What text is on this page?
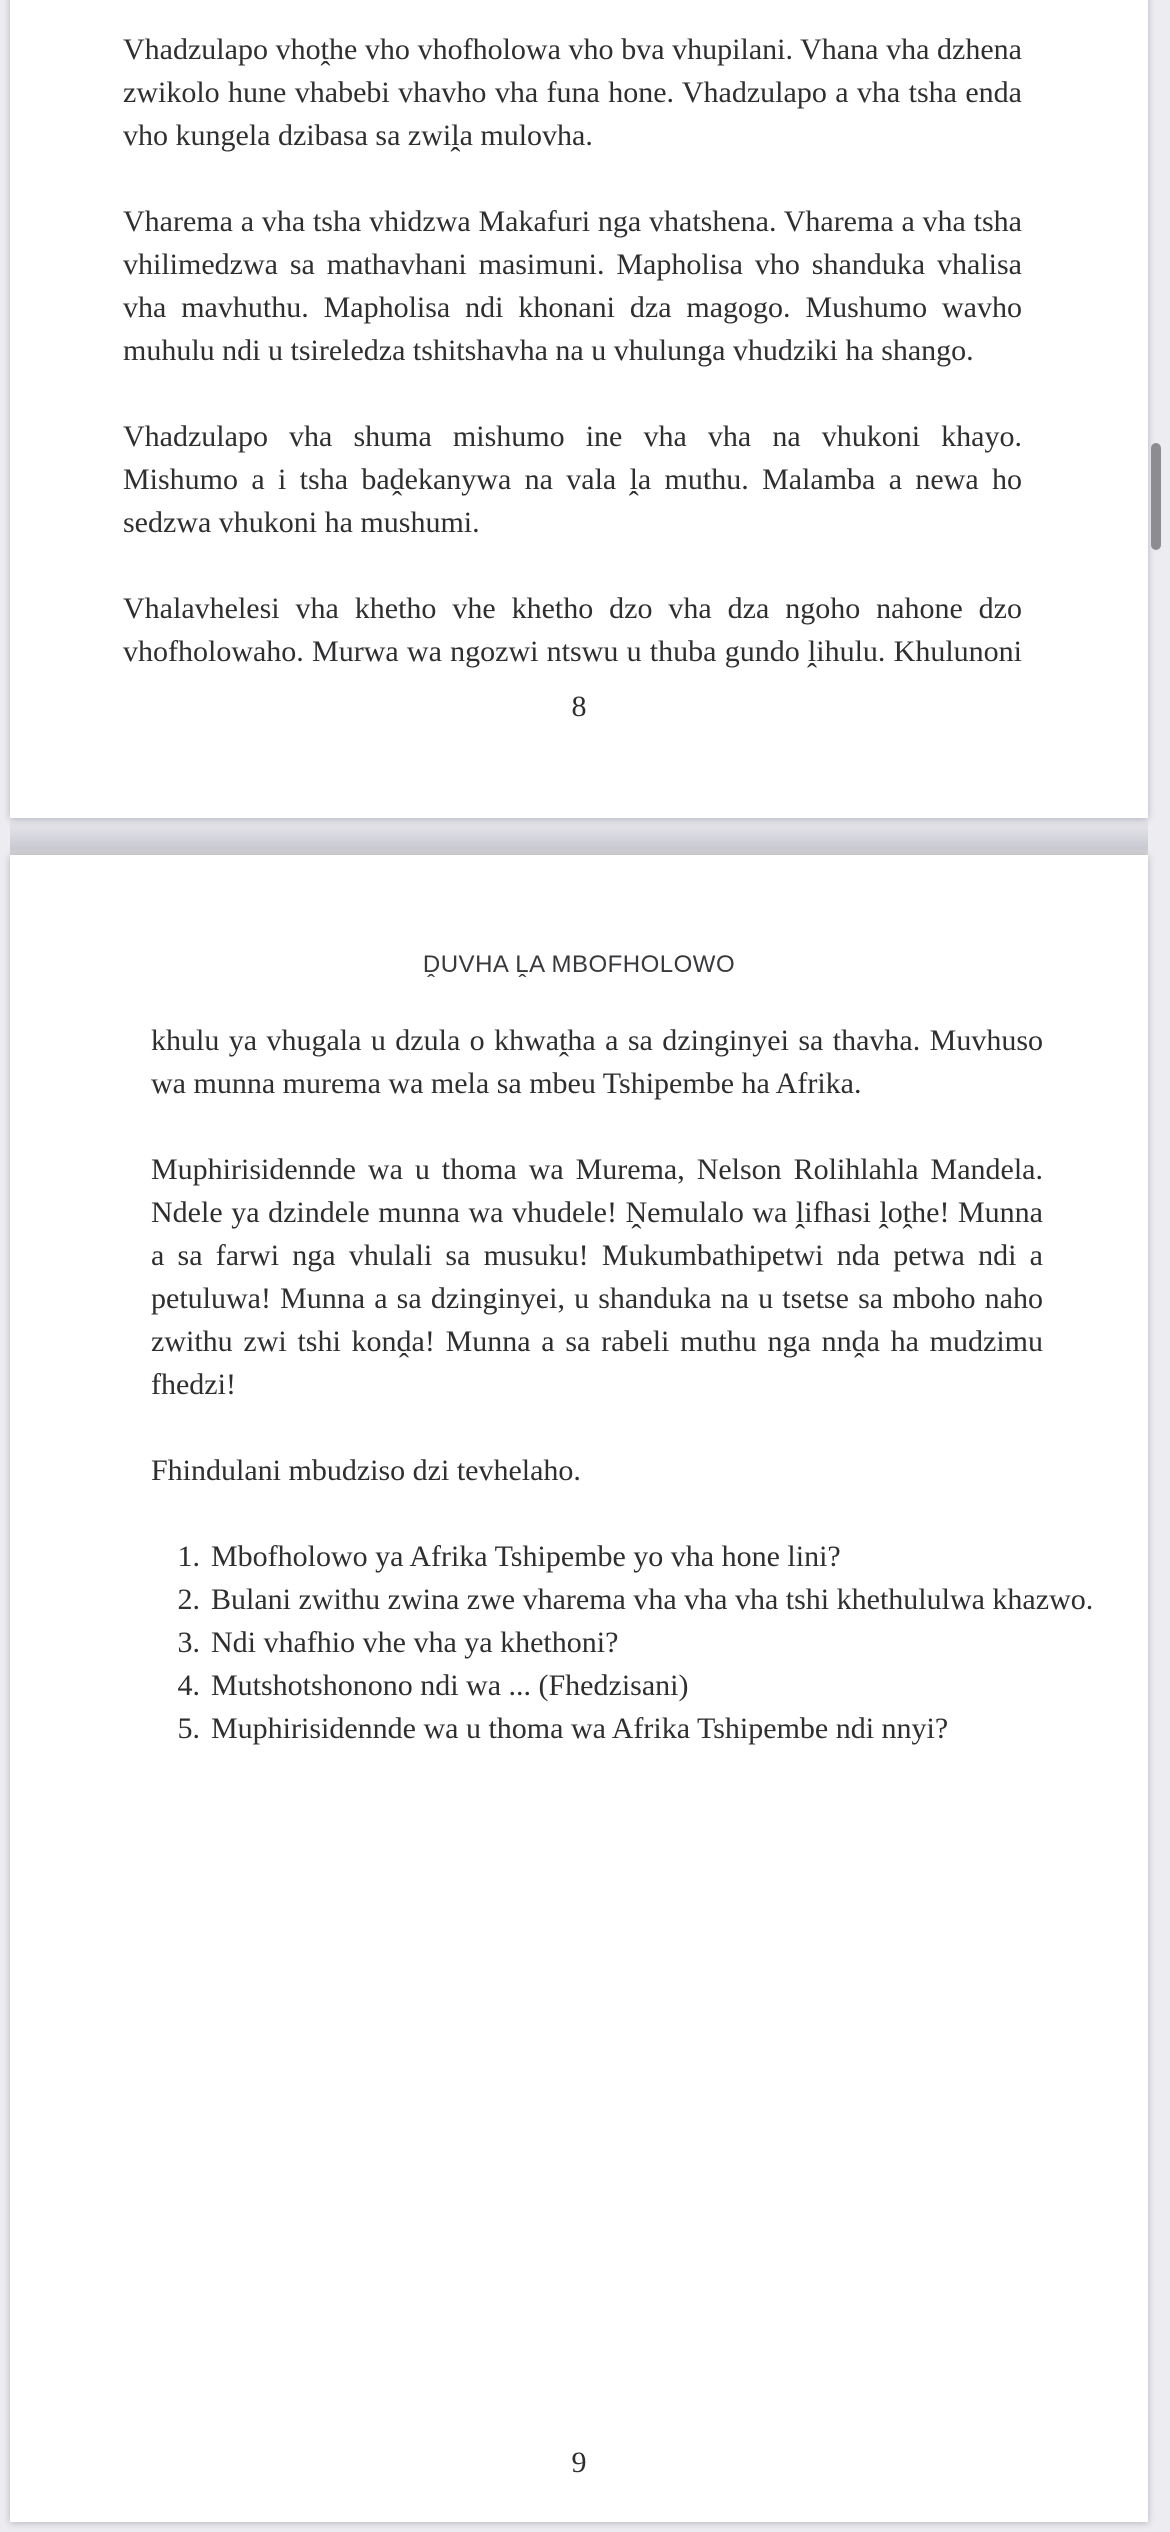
Vhadzulapo vhoṱhe vho vhofholowa vho bva vhupilani. Vhana vha dzhena zwikolo hune vhabebi vhavho vha funa hone. Vhadzulapo a vha tsha enda vho kungela dzibasa sa zwiḽa mulovha.

Vharema a vha tsha vhidzwa Makafuri nga vhatshena. Vharema a vha tsha vhilimedzwa sa mathavhani masimuni. Mapholisa vho shanduka vhalisa vha mavhuthu. Mapholisa ndi khonani dza magogo. Mushumo wavho muhulu ndi u tsireledza tshitshavha na u vhulunga vhudziki ha shango.

Vhadzulapo vha shuma mishumo ine vha vha na vhukoni khayo. Mishumo a i tsha baḓekanywa na vala ḽa muthu. Malamba a newa ho sedzwa vhukoni ha mushumi.

Vhalavhelesi vha khetho vhe khetho dzo vha dza ngoho nahone dzo vhofholowaho. Murwa wa ngozwi ntswu u thuba gundo ḽihulu. Khulunoni

8
ḒUVHA ḼA MBOFHOLOWO

khulu ya vhugala u dzula o khwaṱha a sa dzinginyei sa thavha. Muvhuso wa munna murema wa mela sa mbeu Tshipembe ha Afrika.

Muphirisidennde wa u thoma wa Murema, Nelson Rolihlahla Mandela. Ndele ya dzindele munna wa vhudele! Ṋemulalo wa ḽifhasi ḽoṱhe! Munna a sa farwi nga vhulali sa musuku! Mukumbathipetwi nda petwa ndi a petuluwa! Munna a sa dzinginyei, u shanduka na u tsetse sa mboho naho zwithu zwi tshi konḓa! Munna a sa rabeli muthu nga nnḓa ha mudzimu fhedzi!

Fhindulani mbudziso dzi tevhelaho.

1. Mbofholowo ya Afrika Tshipembe yo vha hone lini?
2. Bulani zwithu zwina zwe vharema vha vha vha tshi khethululwa khazwo.
3. Ndi vhafhio vhe vha ya khethoni?
4. Mutshotshonono ndi wa ... (Fhedzisani)
5. Muphirisidennde wa u thoma wa Afrika Tshipembe ndi nnyi?
9
